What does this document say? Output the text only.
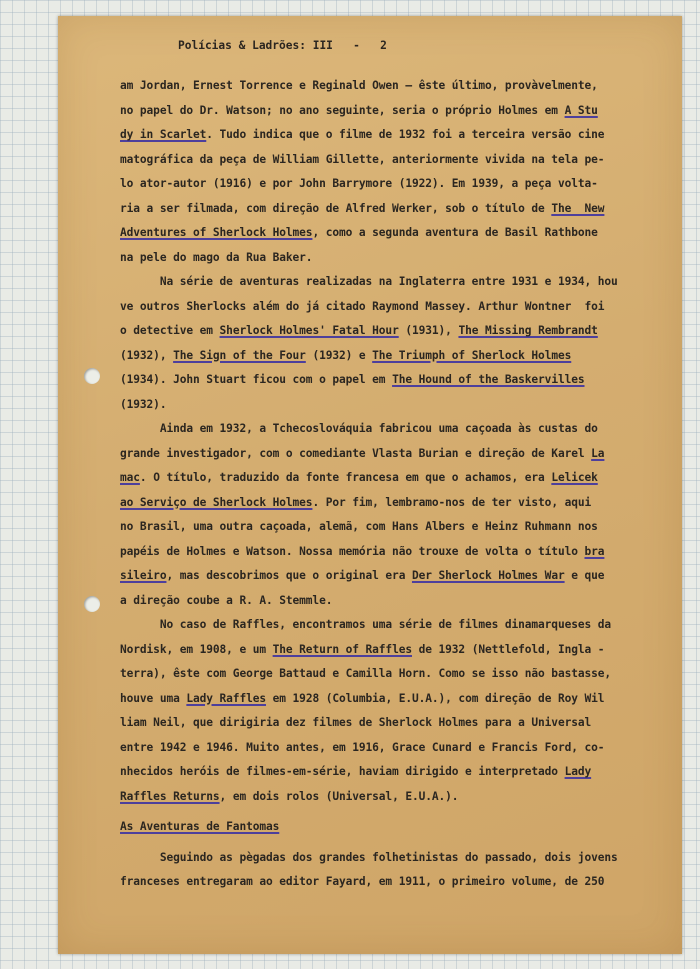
Polícias & Ladrões: III   -   2
am Jordan, Ernest Torrence e Reginald Owen — êste último, provàvelmente,
no papel do Dr. Watson; no ano seguinte, seria o próprio Holmes em A Stu
dy in Scarlet. Tudo indica que o filme de 1932 foi a terceira versão cine
matográfica da peça de William Gillette, anteriormente vivida na tela pe-
lo ator-autor (1916) e por John Barrymore (1922). Em 1939, a peça volta-
ria a ser filmada, com direção de Alfred Werker, sob o título de The  New
Adventures of Sherlock Holmes, como a segunda aventura de Basil Rathbone
na pele do mago da Rua Baker.
Na série de aventuras realizadas na Inglaterra entre 1931 e 1934, hou
ve outros Sherlocks além do já citado Raymond Massey. Arthur Wontner  foi
o detective em Sherlock Holmes' Fatal Hour (1931), The Missing Rembrandt
(1932), The Sign of the Four (1932) e The Triumph of Sherlock Holmes
(1934). John Stuart ficou com o papel em The Hound of the Baskervilles
(1932).
Ainda em 1932, a Tchecoslováquia fabricou uma caçoada às custas do
grande investigador, com o comediante Vlasta Burian e direção de Karel La
mac. O título, traduzido da fonte francesa em que o achamos, era Lelicek
ao Serviço de Sherlock Holmes. Por fim, lembramo-nos de ter visto, aqui
no Brasil, uma outra caçoada, alemã, com Hans Albers e Heinz Ruhmann nos
papéis de Holmes e Watson. Nossa memória não trouxe de volta o título bra
sileiro, mas descobrimos que o original era Der Sherlock Holmes War e que
a direção coube a R. A. Stemmle.
No caso de Raffles, encontramos uma série de filmes dinamarqueses da
Nordisk, em 1908, e um The Return of Raffles de 1932 (Nettlefold, Ingla -
terra), êste com George Battaud e Camilla Horn. Como se isso não bastasse,
houve uma Lady Raffles em 1928 (Columbia, E.U.A.), com direção de Roy Wil
liam Neil, que dirigiria dez filmes de Sherlock Holmes para a Universal
entre 1942 e 1946. Muito antes, em 1916, Grace Cunard e Francis Ford, co-
nhecidos heróis de filmes-em-série, haviam dirigido e interpretado Lady
Raffles Returns, em dois rolos (Universal, E.U.A.).
As Aventuras de Fantomas
Seguindo as pègadas dos grandes folhetinistas do passado, dois jovens
franceses entregaram ao editor Fayard, em 1911, o primeiro volume, de 250
